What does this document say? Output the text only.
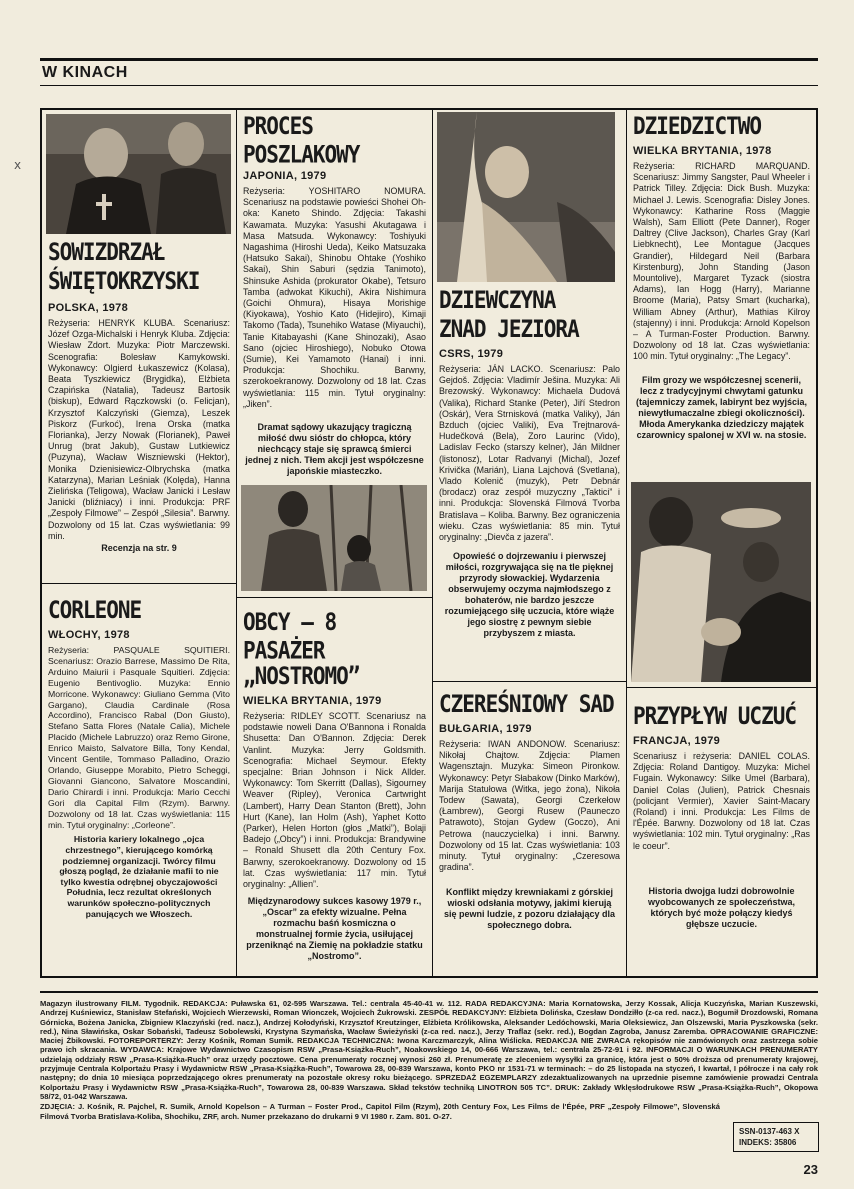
W KINACH
x
SOWIZDRZAŁ
ŚWIĘTOKRZYSKI
POLSKA, 1978
Reżyseria: HENRYK KLUBA. Scenariusz: Józef Ozga-Michalski i Henryk Kluba. Zdjęcia: Wiesław Zdort. Muzyka: Piotr Marczewski. Scenografia: Bolesław Kamykowski. Wykonawcy: Olgierd Łukaszewicz (Kolasa), Beata Tyszkiewicz (Brygidka), Elżbieta Czapińska (Natalia), Tadeusz Bartosik (biskup), Edward Rączkowski (o. Felicjan), Krzysztof Kalczyński (Giemza), Leszek Piskorz (Furkoć), Irena Orska (matka Florianka), Jerzy Nowak (Florianek), Paweł Unrug (brat Jakub), Gustaw Lutkiewicz (Puzyna), Wacław Wiszniewski (Hektor), Monika Dzienisiewicz-Olbrychska (matka Katarzyna), Marian Leśniak (Kolęda), Hanna Zielińska (Teligowa), Wacław Janicki i Lesław Janicki (bliźniacy) i inni. Produkcja: PRF „Zespoły Filmowe” – Zespół „Silesia”. Barwny. Dozwolony od 15 lat. Czas wyświetlania: 99 min.
Recenzja na str. 9
CORLEONE
WŁOCHY, 1978
Reżyseria: PASQUALE SQUITIERI. Scenariusz: Orazio Barrese, Massimo De Rita, Arduino Maiurii i Pasquale Squitieri. Zdjęcia: Eugenio Bentivoglio. Muzyka: Ennio Morricone. Wykonawcy: Giuliano Gemma (Vito Gargano), Claudia Cardinale (Rosa Accordino), Francisco Rabal (Don Giusto), Stefano Satta Flores (Natale Calia), Michele Placido (Michele Labruzzo) oraz Remo Girone, Enrico Maisto, Salvatore Billa, Tony Kendal, Vincent Gentile, Tommaso Palladino, Orazio Orlando, Giuseppe Morabito, Pietro Scheggi, Giovanni Giancono, Salvatore Moscandini, Dario Chirardi i inni. Produkcja: Mario Cecchi Gori dla Capital Film (Rzym). Barwny. Dozwolony od 18 lat. Czas wyświetlania: 115 min. Tytuł oryginalny: „Corleone”.
Historia kariery lokalnego „ojca chrzestnego”, kierującego komórką podziemnej organizacji. Twórcy filmu głoszą pogląd, że działanie mafii to nie tylko kwestia odrębnej obyczajowości Południa, lecz rezultat określonych warunków społeczno-politycznych panujących we Włoszech.
PROCES POSZLAKOWY
JAPONIA, 1979
Reżyseria: YOSHITARO NOMURA. Scenariusz na podstawie powieści Shohei Oh-oka: Kaneto Shindo. Zdjęcia: Takashi Kawamata. Muzyka: Yasushi Akutagawa i Masa Matsuda. Wykonawcy: Toshiyuki Nagashima (Hiroshi Ueda), Keiko Matsuzaka (Hatsuko Sakai), Shinobu Ohtake (Yoshiko Sakai), Shin Saburi (sędzia Tanimoto), Shinsuke Ashida (prokurator Okabe), Tetsuro Tamba (adwokat Kikuchi), Akira Nishimura (Goichi Ohmura), Hisaya Morishige (Kiyokawa), Yoshio Kato (Hidejiro), Kimaji Takomo (Tada), Tsunehiko Watase (Miyauchi), Tanie Kitabayashi (Kane Shinozaki), Asao Sano (ojciec Hiroshiego), Nobuko Otowa (Sumie), Kei Yamamoto (Hanai) i inni. Produkcja: Shochiku. Barwny, szerokoekranowy. Dozwolony od 18 lat. Czas wyświetlania: 115 min. Tytuł oryginalny: „Jiken”.
Dramat sądowy ukazujący tragiczną miłość dwu sióstr do chłopca, który niechcący staje się sprawcą śmierci jednej z nich. Tłem akcji jest współczesne japońskie miasteczko.
OBCY – 8 PASAŻER
„NOSTROMO”
WIELKA BRYTANIA, 1979
Reżyseria: RIDLEY SCOTT. Scenariusz na podstawie noweli Dana O'Bannona i Ronalda Shusetta: Dan O'Bannon. Zdjęcia: Derek Vanlint. Muzyka: Jerry Goldsmith. Scenografia: Michael Seymour. Efekty specjalne: Brian Johnson i Nick Allder. Wykonawcy: Tom Skerritt (Dallas), Sigourney Weaver (Ripley), Veronica Cartwright (Lambert), Harry Dean Stanton (Brett), John Hurt (Kane), Ian Holm (Ash), Yaphet Kotto (Parker), Helen Horton (głos „Matki”), Bolaji Badejo („Obcy”) i inni. Produkcja: Brandywine – Ronald Shusett dla 20th Century Fox. Barwny, szerokoekranowy. Dozwolony od 15 lat. Czas wyświetlania: 117 min. Tytuł oryginalny: „Allien”.
Międzynarodowy sukces kasowy 1979 r., „Oscar” za efekty wizualne. Pełna rozmachu baśń kosmiczna o monstrualnej formie życia, usiłującej przeniknąć na Ziemię na pokładzie statku „Nostromo”.
DZIEWCZYNA
ZNAD JEZIORA
CSRS, 1979
Reżyseria: JÁN LACKO. Scenariusz: Palo Gejdoš. Zdjęcia: Vladimír Ješina. Muzyka: Ali Brezowský. Wykonawcy: Michaela Dudová (Valika), Richard Stanke (Peter), Jiří Stedron (Oskár), Vera Strnisková (matka Valiky), Ján Bzduch (ojciec Valiki), Eva Trejtnarová-Hudečková (Bela), Zoro Laurinc (Vido), Ladislav Fecko (starszy kelner), Ján Mildner (listonosz), Lotar Radvanyi (Michal), Jozef Krivička (Marián), Liana Lajchová (Svetlana), Vlado Kolenič (muzyk), Petr Debnár (brodacz) oraz zespół muzyczny „Taktici” i inni. Produkcja: Slovenská Filmová Tvorba Bratislava – Koliba. Barwny. Bez ograniczenia wieku. Czas wyświetlania: 85 min. Tytuł oryginalny: „Dievča z jazera”.
Opowieść o dojrzewaniu i pierwszej miłości, rozgrywająca się na tle pięknej przyrody słowackiej. Wydarzenia obserwujemy oczyma najmłodszego z bohaterów, nie bardzo jeszcze rozumiejącego siłę uczucia, które wiąże jego siostrę z pewnym siebie przybyszem z miasta.
CZEREŚNIOWY SAD
BUŁGARIA, 1979
Reżyseria: IWAN ANDONOW. Scenariusz: Nikołaj Chajtow. Zdjęcia: Plamen Wagensztajn. Muzyka: Simeon Pironkow. Wykonawcy: Petyr Słabakow (Dinko Marków), Marija Statułowa (Witka, jego żona), Nikoła Todew (Sawata), Georgi Czerkełow (Łambrew), Georgi Rusew (Pauneczo Patrawoto), Stojan Gydew (Goczo), Ani Petrowa (nauczycielka) i inni. Barwny. Dozwolony od 15 lat. Czas wyświetlania: 103 minuty. Tytuł oryginalny: „Czeresowa gradina”.
Konflikt między krewniakami z górskiej wioski odsłania motywy, jakimi kierują się pewni ludzie, z pozoru działający dla społecznego dobra.
DZIEDZICTWO
WIELKA BRYTANIA, 1978
Reżyseria: RICHARD MARQUAND. Scenariusz: Jimmy Sangster, Paul Wheeler i Patrick Tilley. Zdjęcia: Dick Bush. Muzyka: Michael J. Lewis. Scenografia: Disley Jones. Wykonawcy: Katharine Ross (Maggie Walsh), Sam Elliott (Pete Danner), Roger Daltrey (Clive Jackson), Charles Gray (Karl Liebknecht), Lee Montague (Jacques Grandier), Hildegard Neil (Barbara Kirstenburg), John Standing (Jason Mountolive), Margaret Tyzack (siostra Adams), Ian Hogg (Harry), Marianne Broome (Maria), Patsy Smart (kucharka), William Abney (Arthur), Mathias Kilroy (stajenny) i inni. Produkcja: Arnold Kopelson – A Turman-Foster Production. Barwny. Dozwolony od 18 lat. Czas wyświetlania: 100 min. Tytuł oryginalny: „The Legacy”.
Film grozy we współczesnej scenerii, lecz z tradycyjnymi chwytami gatunku (tajemniczy zamek, labirynt bez wyjścia, niewytłumaczalne zbiegi okoliczności). Młoda Amerykanka dziedziczy majątek czarownicy spalonej w XVI w. na stosie.
PRZYPŁYW UCZUĆ
FRANCJA, 1979
Scenariusz i reżyseria: DANIEL COLAS. Zdjęcia: Roland Dantigoy. Muzyka: Michel Fugain. Wykonawcy: Silke Umel (Barbara), Daniel Colas (Julien), Patrick Chesnais (policjant Vermier), Xavier Saint-Macary (Roland) i inni. Produkcja: Les Films de l'Épée. Barwny. Dozwolony od 18 lat. Czas wyświetlania: 102 min. Tytuł oryginalny: „Ras le coeur”.
Historia dwojga ludzi dobrowolnie wyobcowanych ze społeczeństwa, których być może połączy kiedyś głębsze uczucie.
Magazyn ilustrowany FILM. Tygodnik. REDAKCJA: Puławska 61, 02-595 Warszawa. Tel.: centrala 45-40-41 w. 112. RADA REDAKCYJNA: Maria Kornatowska, Jerzy Kossak, Alicja Kuczyńska, Marian Kuszewski, Andrzej Kuśniewicz, Stanisław Stefański, Wojciech Wierzewski, Roman Wionczek, Wojciech Żukrowski. ZESPÓŁ REDAKCYJNY: Elżbieta Dolińska, Czesław Dondziłło (z-ca red. nacz.), Bogumił Drozdowski, Romana Górnicka, Bożena Janicka, Zbigniew Klaczyński (red. nacz.), Andrzej Kołodyński, Krzysztof Kreutzinger, Elżbieta Królikowska, Aleksander Ledóchowski, Maria Oleksiewicz, Jan Olszewski, Maria Pyszkowska (sekr. red.), Nina Sławińska, Oskar Sobański, Tadeusz Sobolewski, Krystyna Szymańska, Wacław Świeżyński (z-ca red. nacz.), Jerzy Traflaz (sekr. red.), Bogdan Zagroba, Janusz Zaremba. OPRACOWANIE GRAFICZNE: Maciej Żbikowski. FOTOREPORTERZY: Jerzy Kośnik, Roman Sumik. REDAKCJA TECHNICZNA: Iwona Karczmarczyk, Alina Wiślicka. REDAKCJA NIE ZWRACA rękopisów nie zamówionych oraz zastrzega sobie prawo ich skracania. WYDAWCA: Krajowe Wydawnictwo Czasopism RSW „Prasa-Książka-Ruch”, Noakowskiego 14, 00-666 Warszawa, tel.: centrala 25-72-91 i 92. INFORMACJI O WARUNKACH PRENUMERATY udzielają oddziały RSW „Prasa-Książka-Ruch” oraz urzędy pocztowe. Cena prenumeraty rocznej wynosi 260 zł. Prenumeratę ze zleceniem wysyłki za granicę, która jest o 50% droższa od prenumeraty krajowej, przyjmuje Centrala Kolportażu Prasy i Wydawnictw RSW „Prasa-Książka-Ruch”, Towarowa 28, 00-839 Warszawa, konto PKO nr 1531-71 w terminach: – do 25 listopada na styczeń, I kwartał, I półrocze i na cały rok następny; do dnia 10 miesiąca poprzedzającego okres prenumeraty na pozostałe okresy roku bieżącego. SPRZEDAŻ EGZEMPLARZY zdezaktualizowanych na uprzednie pisemne zamówienie prowadzi Centrala Kolportażu Prasy i Wydawnictw RSW „Prasa-Książka-Ruch”, Towarowa 28, 00-839 Warszawa. Skład tekstów techniką LINOTRON 505 TC”. DRUK: Zakłady Wklęsłodrukowe RSW „Prasa-Książka-Ruch”, Okopowa 58/72, 01-042 Warszawa.
ZDJĘCIA: J. Kośnik, R. Pajchel, R. Sumik, Arnold Kopelson – A Turman – Foster Prod., Capitol Film (Rzym), 20th Century Fox, Les Films de l'Épée, PRF „Zespoły Filmowe”, Slovenská Filmová Tvorba Bratislava-Koliba, Shochiku, ZRF, arch. Numer przekazano do drukarni 9 VI 1980 r. Zam. 801. O-27.
SSN-0137-463 X
INDEKS: 35806
23
